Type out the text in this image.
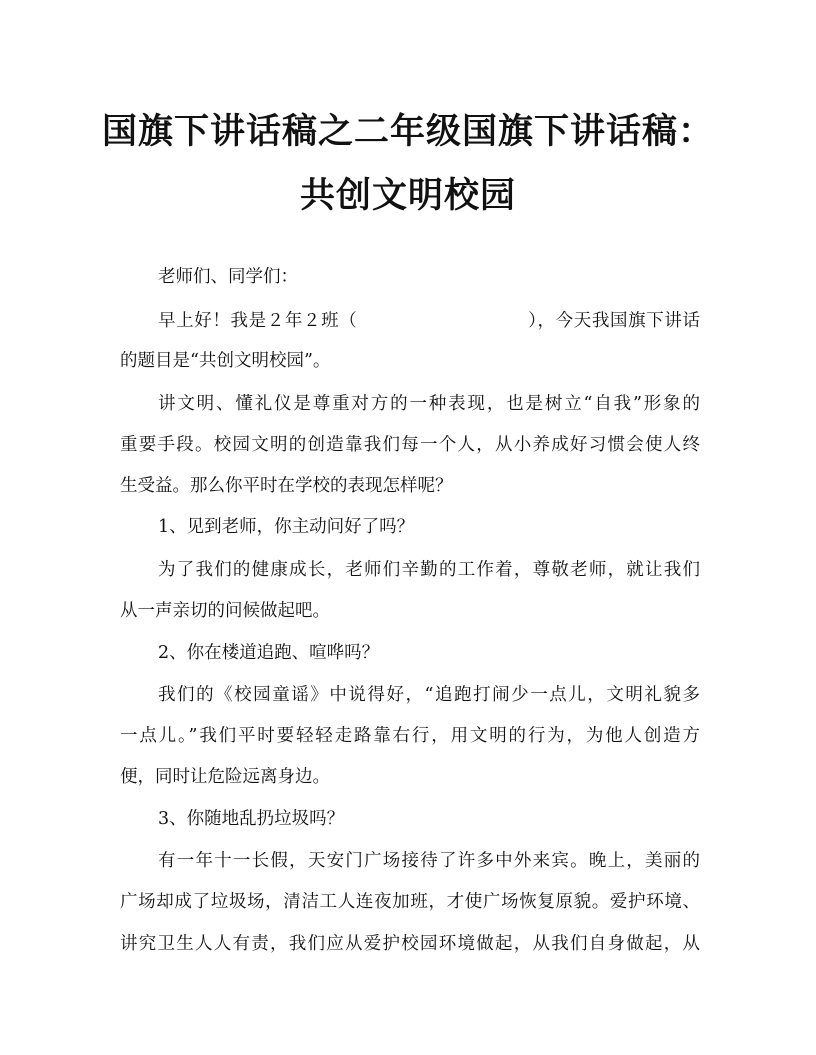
国旗下讲话稿之二年级国旗下讲话稿：
共创文明校园
老师们、同学们：
早上好！我是２年２班（	），今天我国旗下讲话
的题目是“共创文明校园”。
讲文明、懂礼仪是尊重对方的一种表现，也是树立“自我”形象的
重要手段。校园文明的创造靠我们每一个人，从小养成好习惯会使人终
生受益。那么你平时在学校的表现怎样呢？
1、见到老师，你主动问好了吗？
为了我们的健康成长，老师们辛勤的工作着，尊敬老师，就让我们
从一声亲切的问候做起吧。
2、你在楼道追跑、喧哗吗？
我们的《校园童谣》中说得好，“追跑打闹少一点儿，文明礼貌多
一点儿。”我们平时要轻轻走路靠右行，用文明的行为，为他人创造方
便，同时让危险远离身边。
3、你随地乱扔垃圾吗？
有一年十一长假，天安门广场接待了许多中外来宾。晚上，美丽的
广场却成了垃圾场，清洁工人连夜加班，才使广场恢复原貌。爱护环境、
讲究卫生人人有责，我们应从爱护校园环境做起，从我们自身做起，从
